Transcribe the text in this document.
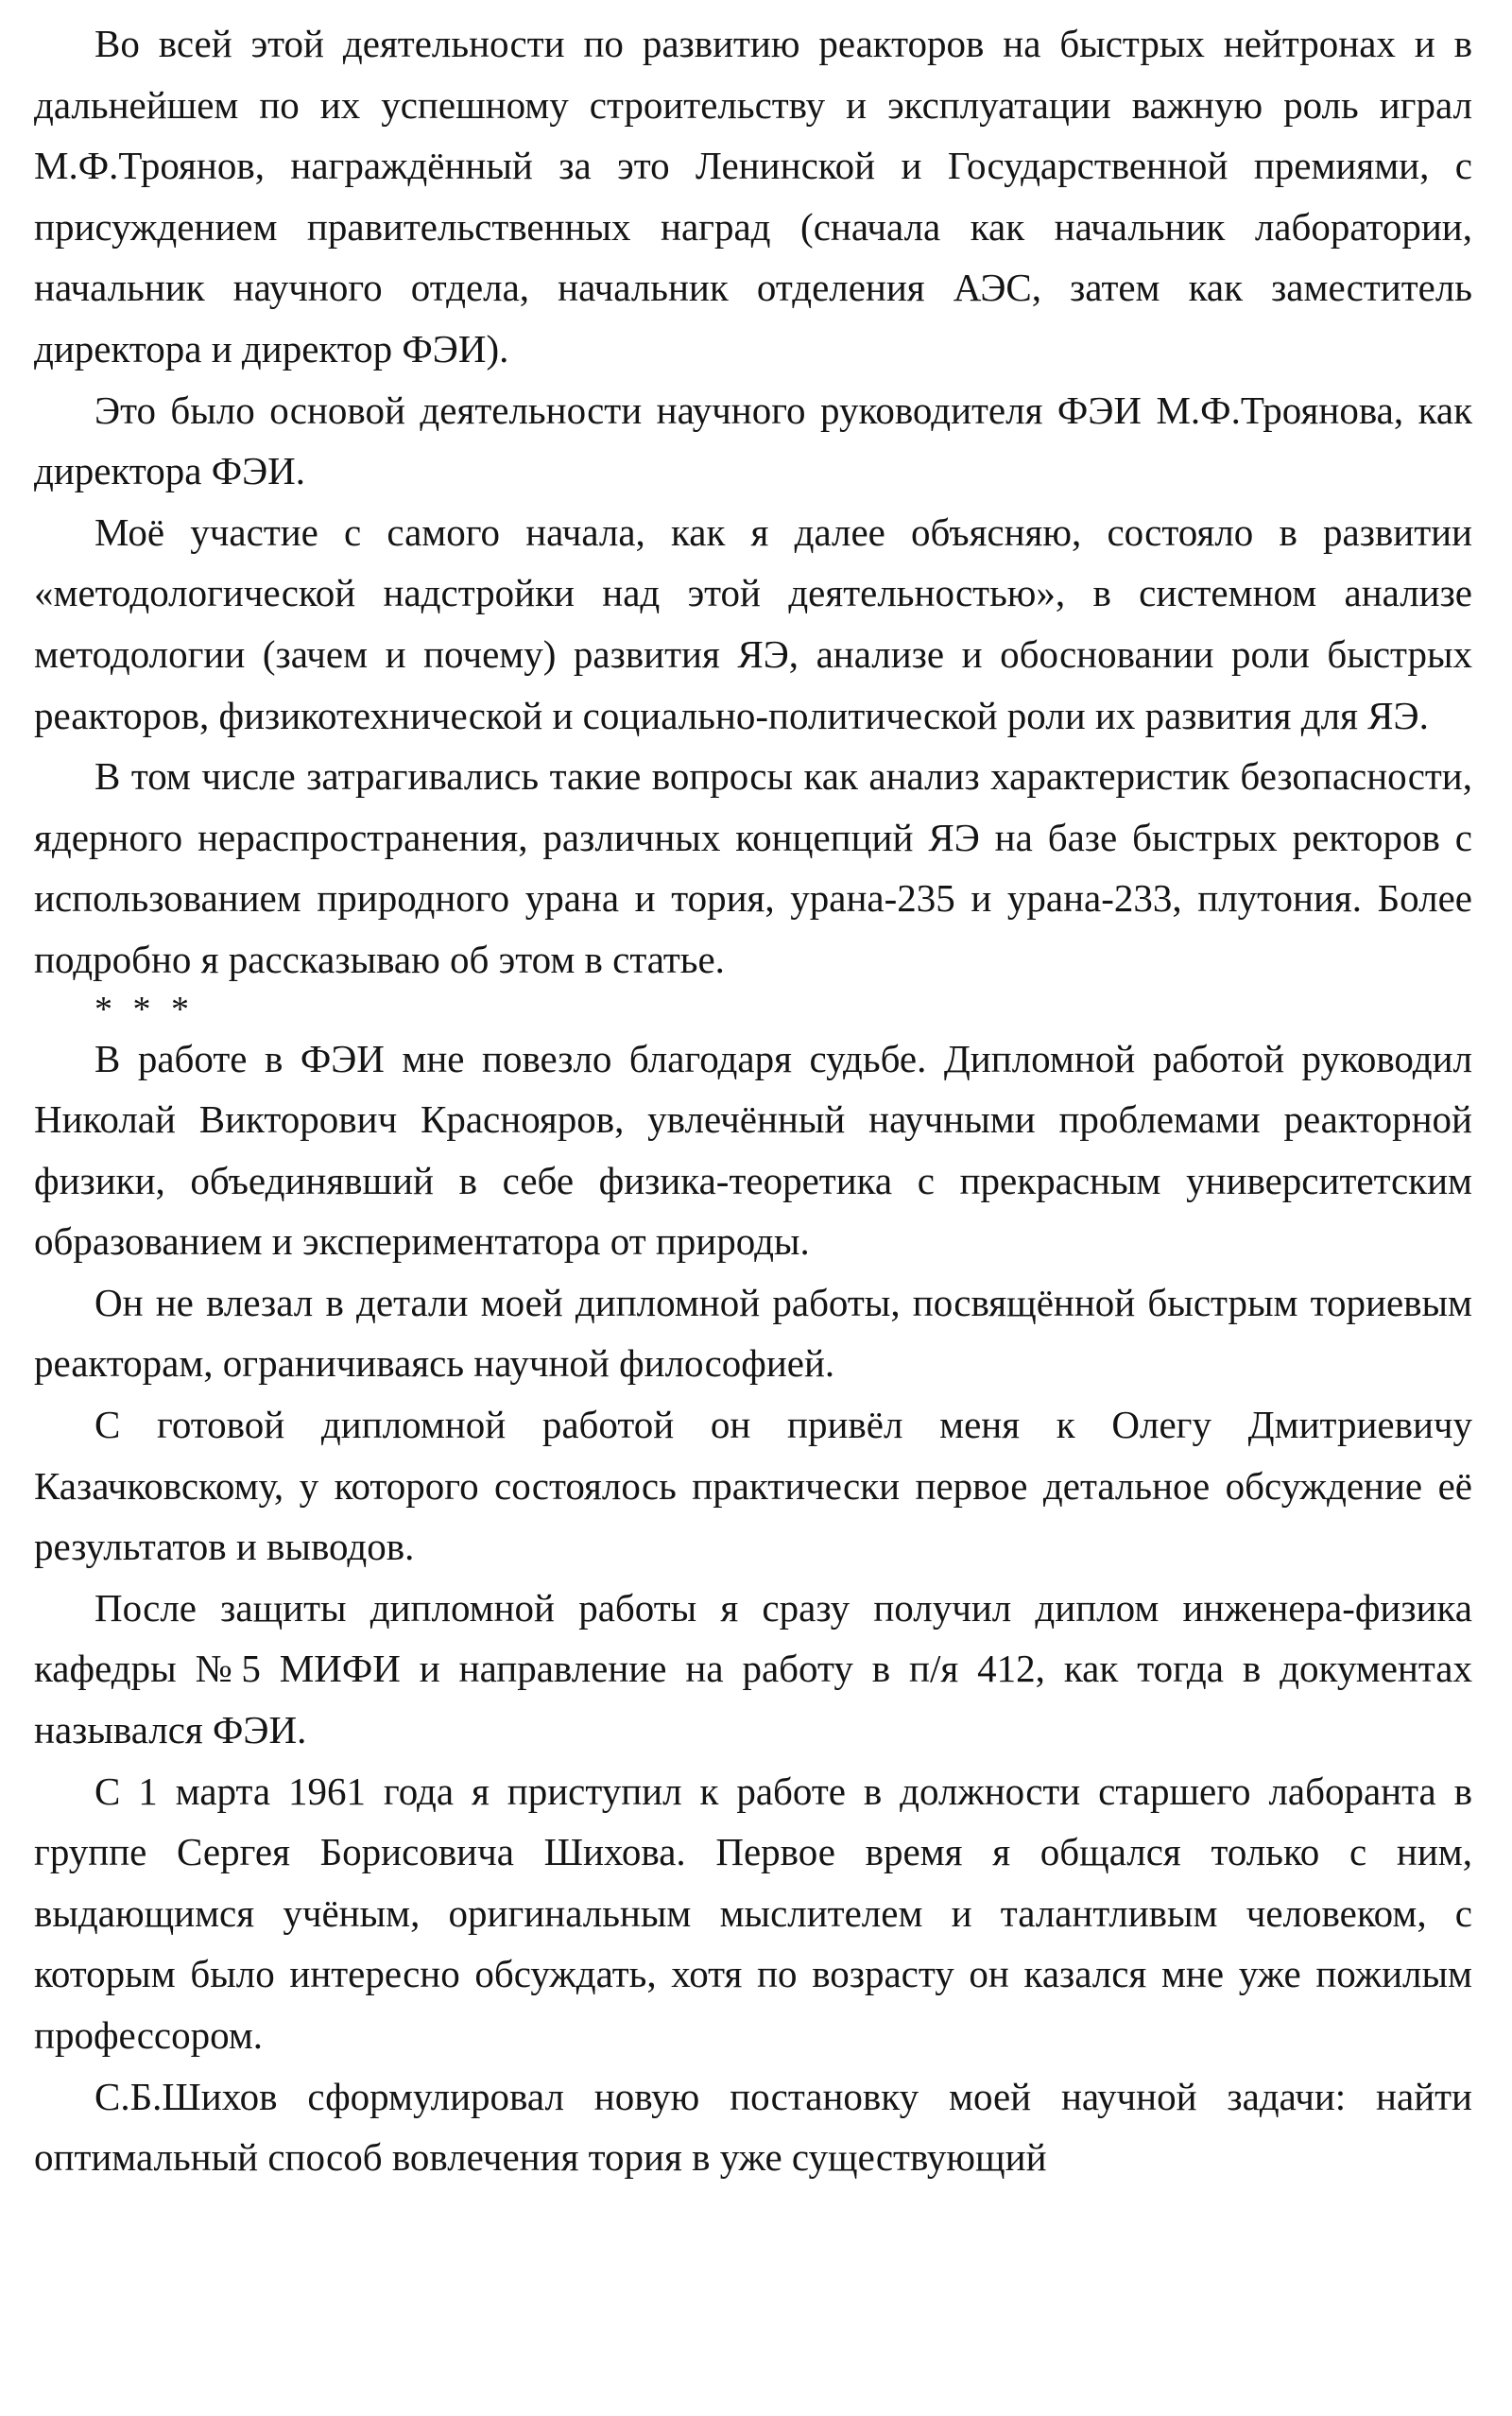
Во всей этой деятельности по развитию реакторов на быстрых нейтронах и в дальнейшем по их успешному строительству и эксплуатации важную роль играл М.Ф.Троянов, награждённый за это Ленинской и Государственной премиями, с присуждением правительственных наград (сначала как начальник лаборатории, начальник научного отдела, начальник отделения АЭС, затем как заместитель директора и директор ФЭИ).

Это было основой деятельности научного руководителя ФЭИ М.Ф.Троянова, как директора ФЭИ.

Моё участие с самого начала, как я далее объясняю, состояло в развитии «методологической надстройки над этой деятельностью», в системном анализе методологии (зачем и почему) развития ЯЭ, анализе и обосновании роли быстрых реакторов, физикотехнической и социально-политической роли их развития для ЯЭ.

В том числе затрагивались такие вопросы как анализ характеристик безопасности, ядерного нераспространения, различных концепций ЯЭ на базе быстрых ректоров с использованием природного урана и тория, урана-235 и урана-233, плутония. Более подробно я рассказываю об этом в статье.

* * *

В работе в ФЭИ мне повезло благодаря судьбе. Дипломной работой руководил Николай Викторович Краснояров, увлечённый научными проблемами реакторной физики, объединявший в себе физика-теоретика с прекрасным университетским образованием и экспериментатора от природы.

Он не влезал в детали моей дипломной работы, посвящённой быстрым ториевым реакторам, ограничиваясь научной философией.

С готовой дипломной работой он привёл меня к Олегу Дмитриевичу Казачковскому, у которого состоялось практически первое детальное обсуждение её результатов и выводов.

После защиты дипломной работы я сразу получил диплом инженера-физика кафедры №5 МИФИ и направление на работу в п/я 412, как тогда в документах назывался ФЭИ.

С 1 марта 1961 года я приступил к работе в должности старшего лаборанта в группе Сергея Борисовича Шихова. Первое время я общался только с ним, выдающимся учёным, оригинальным мыслителем и талантливым человеком, с которым было интересно обсуждать, хотя по возрасту он казался мне уже пожилым профессором.

С.Б.Шихов сформулировал новую постановку моей научной задачи: найти оптимальный способ вовлечения тория в уже существующий
